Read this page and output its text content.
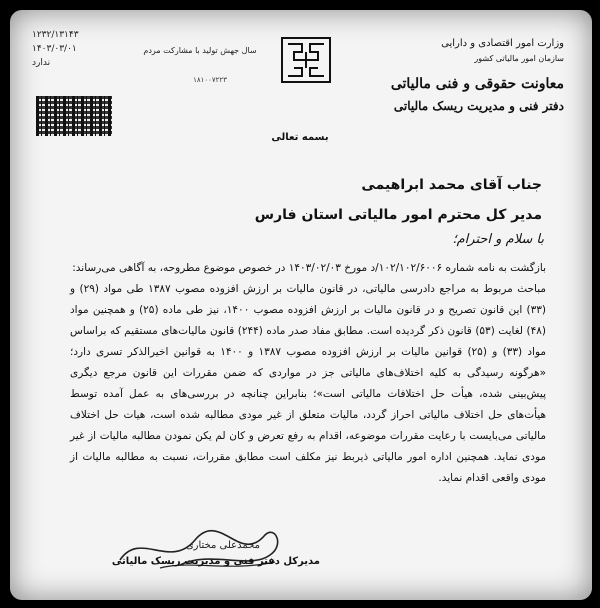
۱۲۳۲/۱۳۱۴۳
۱۴۰۳/۰۳/۰۱
ندارد
سال جهش تولید با مشارکت مردم
۱۸۱۰۰۷۲۲۳
وزارت امور اقتصادی و دارایی
سازمان امور مالیاتی کشور
معاونت حقوقی و فنی مالیاتی
دفتر فنی و مدیریت ریسک مالیاتی
بسمه تعالی
جناب آقای محمد ابراهیمی
مدیر کل محترم امور مالیاتی استان فارس
با سلام و احترام؛

بازگشت به نامه شماره ۱۰۲/۱۰۲/۶۰۰۶/د مورخ ۱۴۰۳/۰۲/۰۳ در خصوص موضوع مطروحه، به آگاهی می‌رساند:

مباحث مربوط به مراجع دادرسی مالیاتی، در قانون مالیات بر ارزش افزوده مصوب ۱۳۸۷ طی مواد (۲۹) و (۳۳) این قانون تصریح و در قانون مالیات بر ارزش افزوده مصوب ۱۴۰۰، نیز طی ماده (۲۵) و همچنین مواد (۴۸) لغایت (۵۳) قانون ذکر گردیده است. مطابق مفاد صدر ماده (۲۴۴) قانون مالیات‌های مستقیم که براساس مواد (۳۳) و (۲۵) قوانین مالیات بر ارزش افزوده مصوب ۱۳۸۷ و ۱۴۰۰ به قوانین اخیرالذکر تسری دارد؛ «هرگونه رسیدگی به کلیه اختلاف‌های مالیاتی جز در مواردی که ضمن مقررات این قانون مرجع دیگری پیش‌بینی شده، هیأت حل اختلافات مالیاتی است»؛ بنابراین چنانچه در بررسی‌های به عمل آمده توسط هیأت‌های حل اختلاف مالیاتی احراز گردد، مالیات متعلق از غیر مودی مطالبه شده است، هیات حل اختلاف مالیاتی می‌بایست با رعایت مقررات موضوعه، اقدام به رفع تعرض و کان لم یکن نمودن مطالبه مالیات از غیر مودی نماید. همچنین اداره امور مالیاتی ذیربط نیز مکلف است مطابق مقررات، نسبت به مطالبه مالیات از مودی واقعی اقدام نماید.

محمدعلی مختاری
مدیرکل دفتر فنی و مدیریت ریسک مالیاتی
